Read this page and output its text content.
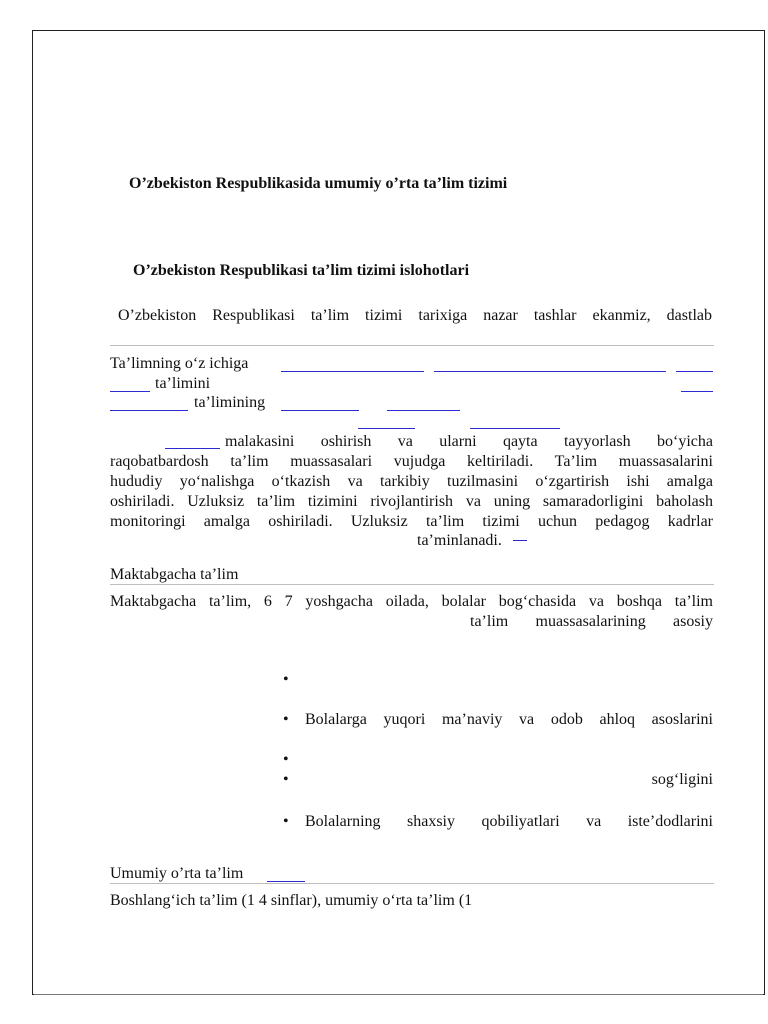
O’zbekiston Respublikasida umumiy o’rta ta’lim tizimi
O’zbekiston Respublikasi ta’lim tizimi islohotlari
O’zbekiston Respublikasi ta’lim tizimi tarixiga nazar tashlar ekanmiz, dastlab
Ta’limning o‘z ichiga
ta’limini
ta’limining
malakasini oshirish va ularni qayta tayyorlash bo‘yicha
raqobatbardosh ta’lim muassasalari vujudga keltiriladi. Ta’lim muassasalarini
hududiy yo‘nalishga o‘tkazish va tarkibiy tuzilmasini o‘zgartirish ishi amalga
oshiriladi. Uzluksiz ta’lim tizimini rivojlantirish va uning samaradorligini baholash
monitoringi amalga oshiriladi. Uzluksiz ta’lim tizimi uchun pedagog kadrlar
ta’minlanadi.
Maktabgacha ta’lim
Maktabgacha ta’lim, 6 7 yoshgacha oilada, bolalar bog‘chasida va boshqa ta’lim
ta’lim muassasalarining asosiy
•
• Bolalarga yuqori ma’naviy va odob ahloq asoslarini
•
•	sog‘ligini
• Bolalarning shaxsiy qobiliyatlari va iste’dodlarini
Umumiy o’rta ta’lim
Boshlang‘ich ta’lim (1 4 sinflar), umumiy o‘rta ta’lim (1
